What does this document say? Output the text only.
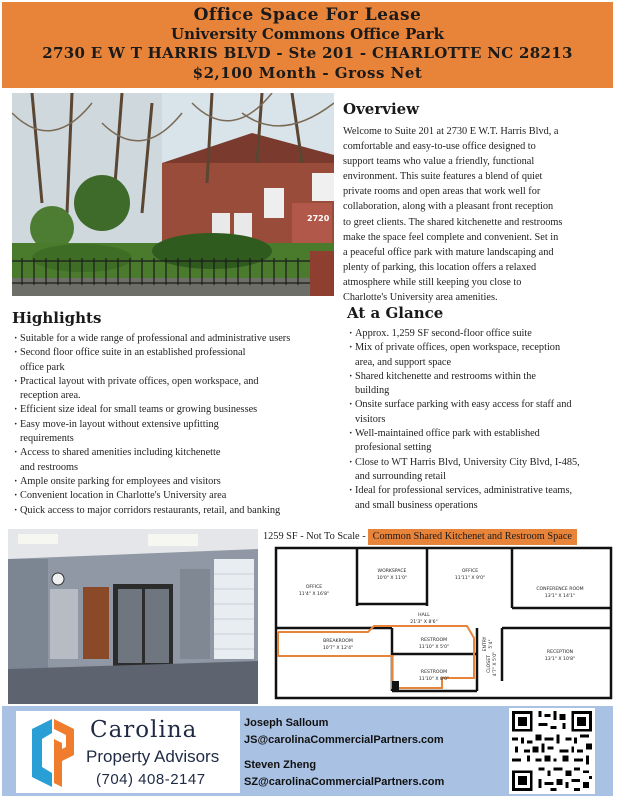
Office Space For Lease
University Commons Office Park
2730 E W T HARRIS BLVD - Ste 201 - CHARLOTTE NC 28213
$2,100 Month - Gross Net
2720
Overview

Welcome to Suite 201 at 2730 E W.T. Harris Blvd, a
comfortable and easy-to-use office designed to
support teams who value a friendly, functional
environment. This suite features a blend of quiet
private rooms and open areas that work well for
collaboration, along with a pleasant front reception
to greet clients. The shared kitchenette and restrooms
make the space feel complete and convenient. Set in
a peaceful office park with mature landscaping and
plenty of parking, this location offers a relaxed
atmosphere while still keeping you close to
Charlotte's University area amenities.

Highlights
· Suitable for a wide range of professional and administrative users
· Second floor office suite in an established professional
office park
· Practical layout with private offices, open workspace, and
reception area.
· Efficient size ideal for small teams or growing businesses
· Easy move-in layout without extensive upfitting
requirements
· Access to shared amenities including kitchenette
and restrooms
· Ample onsite parking for employees and visitors
· Convenient location in Charlotte's University area
· Quick access to major corridors restaurants, retail, and banking
At a Glance
· Approx. 1,259 SF second-floor office suite
· Mix of private offices, open workspace, reception
area, and support space
· Shared kitchenette and restrooms within the
building
· Onsite surface parking with easy access for staff and
visitors
· Well-maintained office park with established
profesional setting
· Close to WT Harris Blvd, University City Blvd, I-485,
and surrounding retail
· Ideal for professional services, administrative teams,
and small business operations
1259 SF - Not To Scale - Common Shared Kitchenet and Restroom Space
OFFICE
11'4" X 16'8"
WORKSPACE
10'0" X 11'0"
OFFICE
11'11" X 9'0"
CONFERENCE ROOM
13'1" X 14'1"
HALL
21'3" X 8'6"
BREAKROOM
10'7" X 12'4"
RESTROOM
11'10" X 5'0"
RECEPTION
13'1" X 10'8"
RESTROOM
11'10" X 8'0"
ENTRY 5'4"
CLOSET 4'7" X 5'0"
Carolina
Property Advisors
(704) 408-2147
Joseph Salloum
JS@carolinaCommercialPartners.com
Steven Zheng
SZ@carolinaCommercialPartners.com
